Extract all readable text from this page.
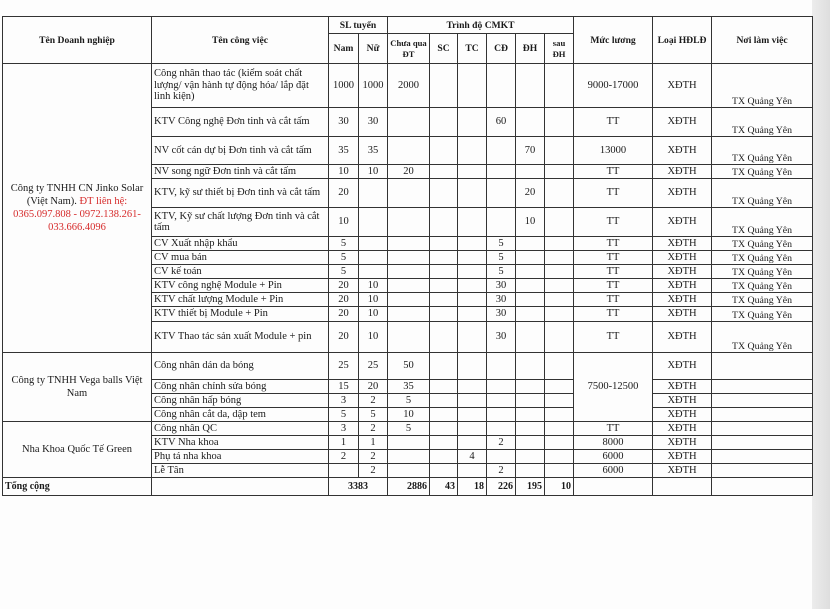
Tên Doanh nghiệp	Tên công việc	SL tuyển		Trình độ CMKT						Mức lương	Loại HĐLĐ	Nơi làm việc
		Nam	Nữ	Chưa qua ĐT	SC	TC	CĐ	ĐH	sau ĐH			
Công ty TNHH CN Jinko Solar (Việt Nam). ĐT liên hệ: 0365.097.808 - 0972.138.261-033.666.4096	Công nhân thao tác (kiểm soát chất lượng/ vận hành tự động hóa/ lắp đặt linh kiện)	1000	1000	2000						9000-17000	XĐTH	TX Quảng Yên
	KTV Công nghệ Đơn tinh và cắt tấm	30	30				60			TT	XĐTH	TX Quảng Yên
	NV cốt cán dự bị Đơn tinh và cắt tấm	35	35					70		13000	XĐTH	TX Quảng Yên
	NV song ngữ Đơn tinh và cắt tấm	10	10	20						TT	XĐTH	TX Quảng Yên
	KTV, kỹ sư thiết bị Đơn tinh và cắt tấm	20						20		TT	XĐTH	TX Quảng Yên
	KTV, Kỹ sư chất lượng Đơn tinh và cắt tấm	10						10		TT	XĐTH	TX Quảng Yên
	CV Xuất nhập khẩu	5					5			TT	XĐTH	TX Quảng Yên
	CV mua bán	5					5			TT	XĐTH	TX Quảng Yên
	CV kế toán	5					5			TT	XĐTH	TX Quảng Yên
	KTV công nghệ Module + Pin	20	10				30			TT	XĐTH	TX Quảng Yên
	KTV chất lượng Module + Pin	20	10				30			TT	XĐTH	TX Quảng Yên
	KTV thiết bị Module + Pin	20	10				30			TT	XĐTH	TX Quảng Yên
	KTV Thao tác sản xuất Module + pin	20	10				30			TT	XĐTH	TX Quảng Yên
Công ty TNHH Vega balls Việt Nam	Công nhân dán da bóng	25	25	50						7500-12500	XĐTH	
	Công nhân chỉnh sửa bóng	15	20	35							XĐTH	
	Công nhân hấp bóng	3	2	5							XĐTH	
	Công nhân cắt da, dập tem	5	5	10							XĐTH	
Nha Khoa Quốc Tế Green	Công nhân QC	3	2	5						TT	XĐTH	
	KTV Nha khoa	1	1				2			8000	XĐTH	
	Phụ tá nha khoa	2	2			4				6000	XĐTH	
	Lễ Tân		2				2			6000	XĐTH	
Tổng cộng		3383		2886	43	18	226	195	10			
